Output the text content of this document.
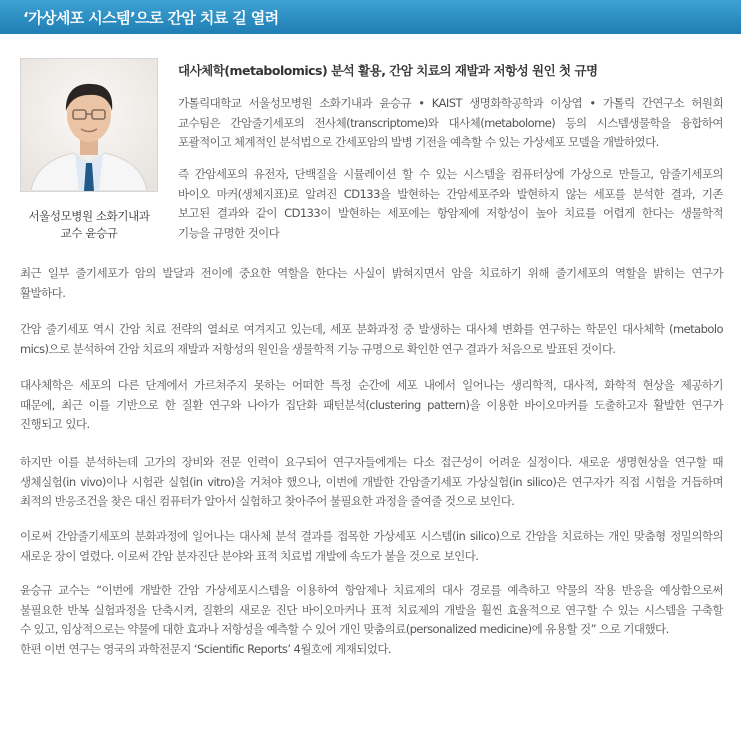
‘가상세포 시스템’으로 간암 치료 길 열려
서울성모병원 소화기내과
교수 윤승규
대사체학(metabolomics) 분석 활용, 간암 치료의 재발과 저항성 원인 첫 규명
가톨릭대학교 서울성모병원 소화기내과 윤승규 • KAIST 생명화학공학과 이상엽 • 가톨릭 간연구소 허원희
교수팀은 간암줄기세포의 전사체(transcriptome)와 대사체(metabolome) 등의 시스템생물학을 융합하여
포괄적이고 체계적인 분석법으로 간세포암의 발병 기전을 예측할 수 있는 가상세포 모델을 개발하였다.
즉 간암세포의 유전자, 단백질을 시뮬레이션 할 수 있는 시스템을 컴퓨터상에 가상으로 만들고, 암줄기세포의
바이오 마커(생체지표)로 알려진 CD133을 발현하는 간암세포주와 발현하지 않는 세포를 분석한 결과, 기존
보고된 결과와 같이 CD133이 발현하는 세포에는 항암제에 저항성이 높아 치료를 어렵게 한다는 생물학적
기능을 규명한 것이다
최근 일부 줄기세포가 암의 발달과 전이에 중요한 역할을 한다는 사실이 밝혀지면서 암을 치료하기 위해 줄기세포의 역할을 밝히는 연구가
활발하다.
간암 줄기세포 역시 간암 치료 전략의 열쇠로 여겨지고 있는데, 세포 분화과정 중 발생하는 대사체 변화를 연구하는 학문인 대사체학 (metabolo
mics)으로 분석하여 간암 치료의 재발과 저항성의 원인을 생물학적 기능 규명으로 확인한 연구 결과가 처음으로 발표된 것이다.
대사체학은 세포의 다른 단계에서 가르쳐주지 못하는 어떠한 특정 순간에 세포 내에서 일어나는 생리학적, 대사적, 화학적 현상을 제공하기
때문에, 최근 이를 기반으로 한 질환 연구와 나아가 집단화 패턴분석(clustering pattern)을 이용한 바이오마커를 도출하고자 활발한 연구가
진행되고 있다.
하지만 이를 분석하는데 고가의 장비와 전문 인력이 요구되어 연구자들에게는 다소 접근성이 어려운 실정이다. 새로운 생명현상을 연구할 때
생체실험(in vivo)이나 시험관 실험(in vitro)을 거쳐야 했으나, 이번에 개발한 간암줄기세포 가상실험(in silico)은 연구자가 직접 시험을 거듭하며
최적의 반응조건을 찾은 대신 컴퓨터가 알아서 실험하고 찾아주어 불필요한 과정을 줄여줄 것으로 보인다.
이로써 간암줄기세포의 분화과정에 일어나는 대사체 분석 결과를 접목한 가상세포 시스템(in silico)으로 간암을 치료하는 개인 맞춤형 정밀의학의
새로운 장이 열렸다. 이로써 간암 분자진단 분야와 표적 치료법 개발에 속도가 붙을 것으로 보인다.
윤승규 교수는 “이번에 개발한 간암 가상세포시스템을 이용하여 항암제나 치료제의 대사 경로를 예측하고 약물의 작용 반응을 예상함으로써
불필요한 반복 실험과정을 단축시켜, 질환의 새로운 진단 바이오마커나 표적 치료제의 개발을 훨씬 효율적으로 연구할 수 있는 시스템을 구축할
수 있고, 임상적으로는 약물에 대한 효과나 저항성을 예측할 수 있어 개인 맞춤의료(personalized medicine)에 유용할 것” 으로 기대했다.
한편 이번 연구는 영국의 과학전문지 ‘Scientific Reports’ 4월호에 게재되었다.
